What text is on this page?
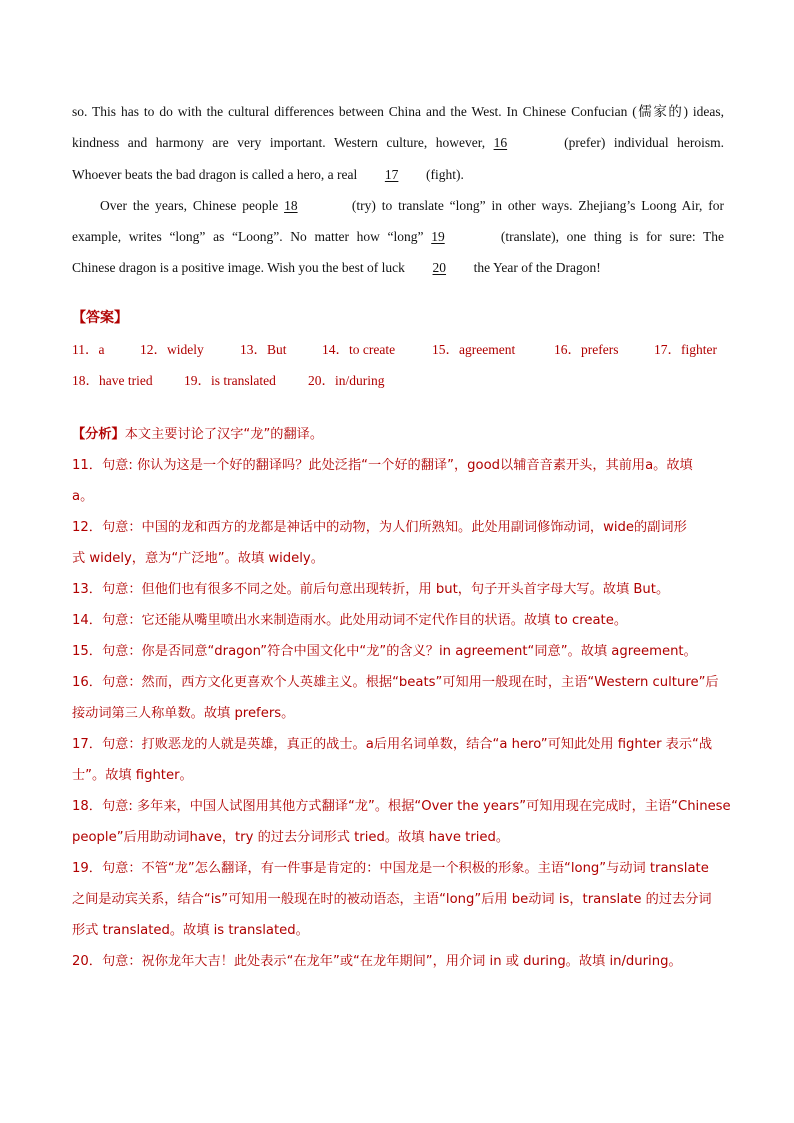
so. This has to do with the cultural differences between China and the West. In Chinese Confucian (儒家的) ideas,

kindness and harmony are very important. Western culture, however, 16	(prefer) individual heroism.

Whoever beats the bad dragon is called a hero, a real 17 (fight).

Over the years, Chinese people 18	(try) to translate “long” in other ways. Zhejiang’s Loong Air, for

example, writes “long” as “Loong”. No matter how “long” 19	(translate), one thing is for sure: The

Chinese dragon is a positive image. Wish you the best of luck 20 the Year of the Dragon!

【答案】
11．a	12．widely	13．But	14．to create	15．agreement	16．prefers	17．fighter
18．have tried	19．is translated	20．in/during
【分析】本文主要讨论了汉字“龙”的翻译。
11．句意: 你认为这是一个好的翻译吗？此处泛指“一个好的翻译”，good以辅音音素开头，其前用a。故填
a。
12．句意：中国的龙和西方的龙都是神话中的动物，为人们所熟知。此处用副词修饰动词，wide的副词形
式 widely，意为“广泛地”。故填 widely。
13．句意：但他们也有很多不同之处。前后句意出现转折，用 but，句子开头首字母大写。故填 But。
14．句意：它还能从嘴里喷出水来制造雨水。此处用动词不定代作目的状语。故填 to create。
15．句意：你是否同意“dragon”符合中国文化中“龙”的含义？in agreement“同意”。故填 agreement。
16．句意：然而，西方文化更喜欢个人英雄主义。根据“beats”可知用一般现在时，主语“Western culture”后
接动词第三人称单数。故填 prefers。
17．句意：打败恶龙的人就是英雄，真正的战士。a后用名词单数，结合“a hero”可知此处用 fighter 表示“战
士”。故填 fighter。
18．句意: 多年来，中国人试图用其他方式翻译“龙”。根据“Over the years”可知用现在完成时，主语“Chinese
people”后用助动词have，try 的过去分词形式 tried。故填 have tried。
19．句意：不管“龙”怎么翻译，有一件事是肯定的：中国龙是一个积极的形象。主语“long”与动词 translate
之间是动宾关系，结合“is”可知用一般现在时的被动语态，主语“long”后用 be动词 is，translate 的过去分词
形式 translated。故填 is translated。
20．句意：祝你龙年大吉！此处表示“在龙年”或“在龙年期间”，用介词 in 或 during。故填 in/during。
